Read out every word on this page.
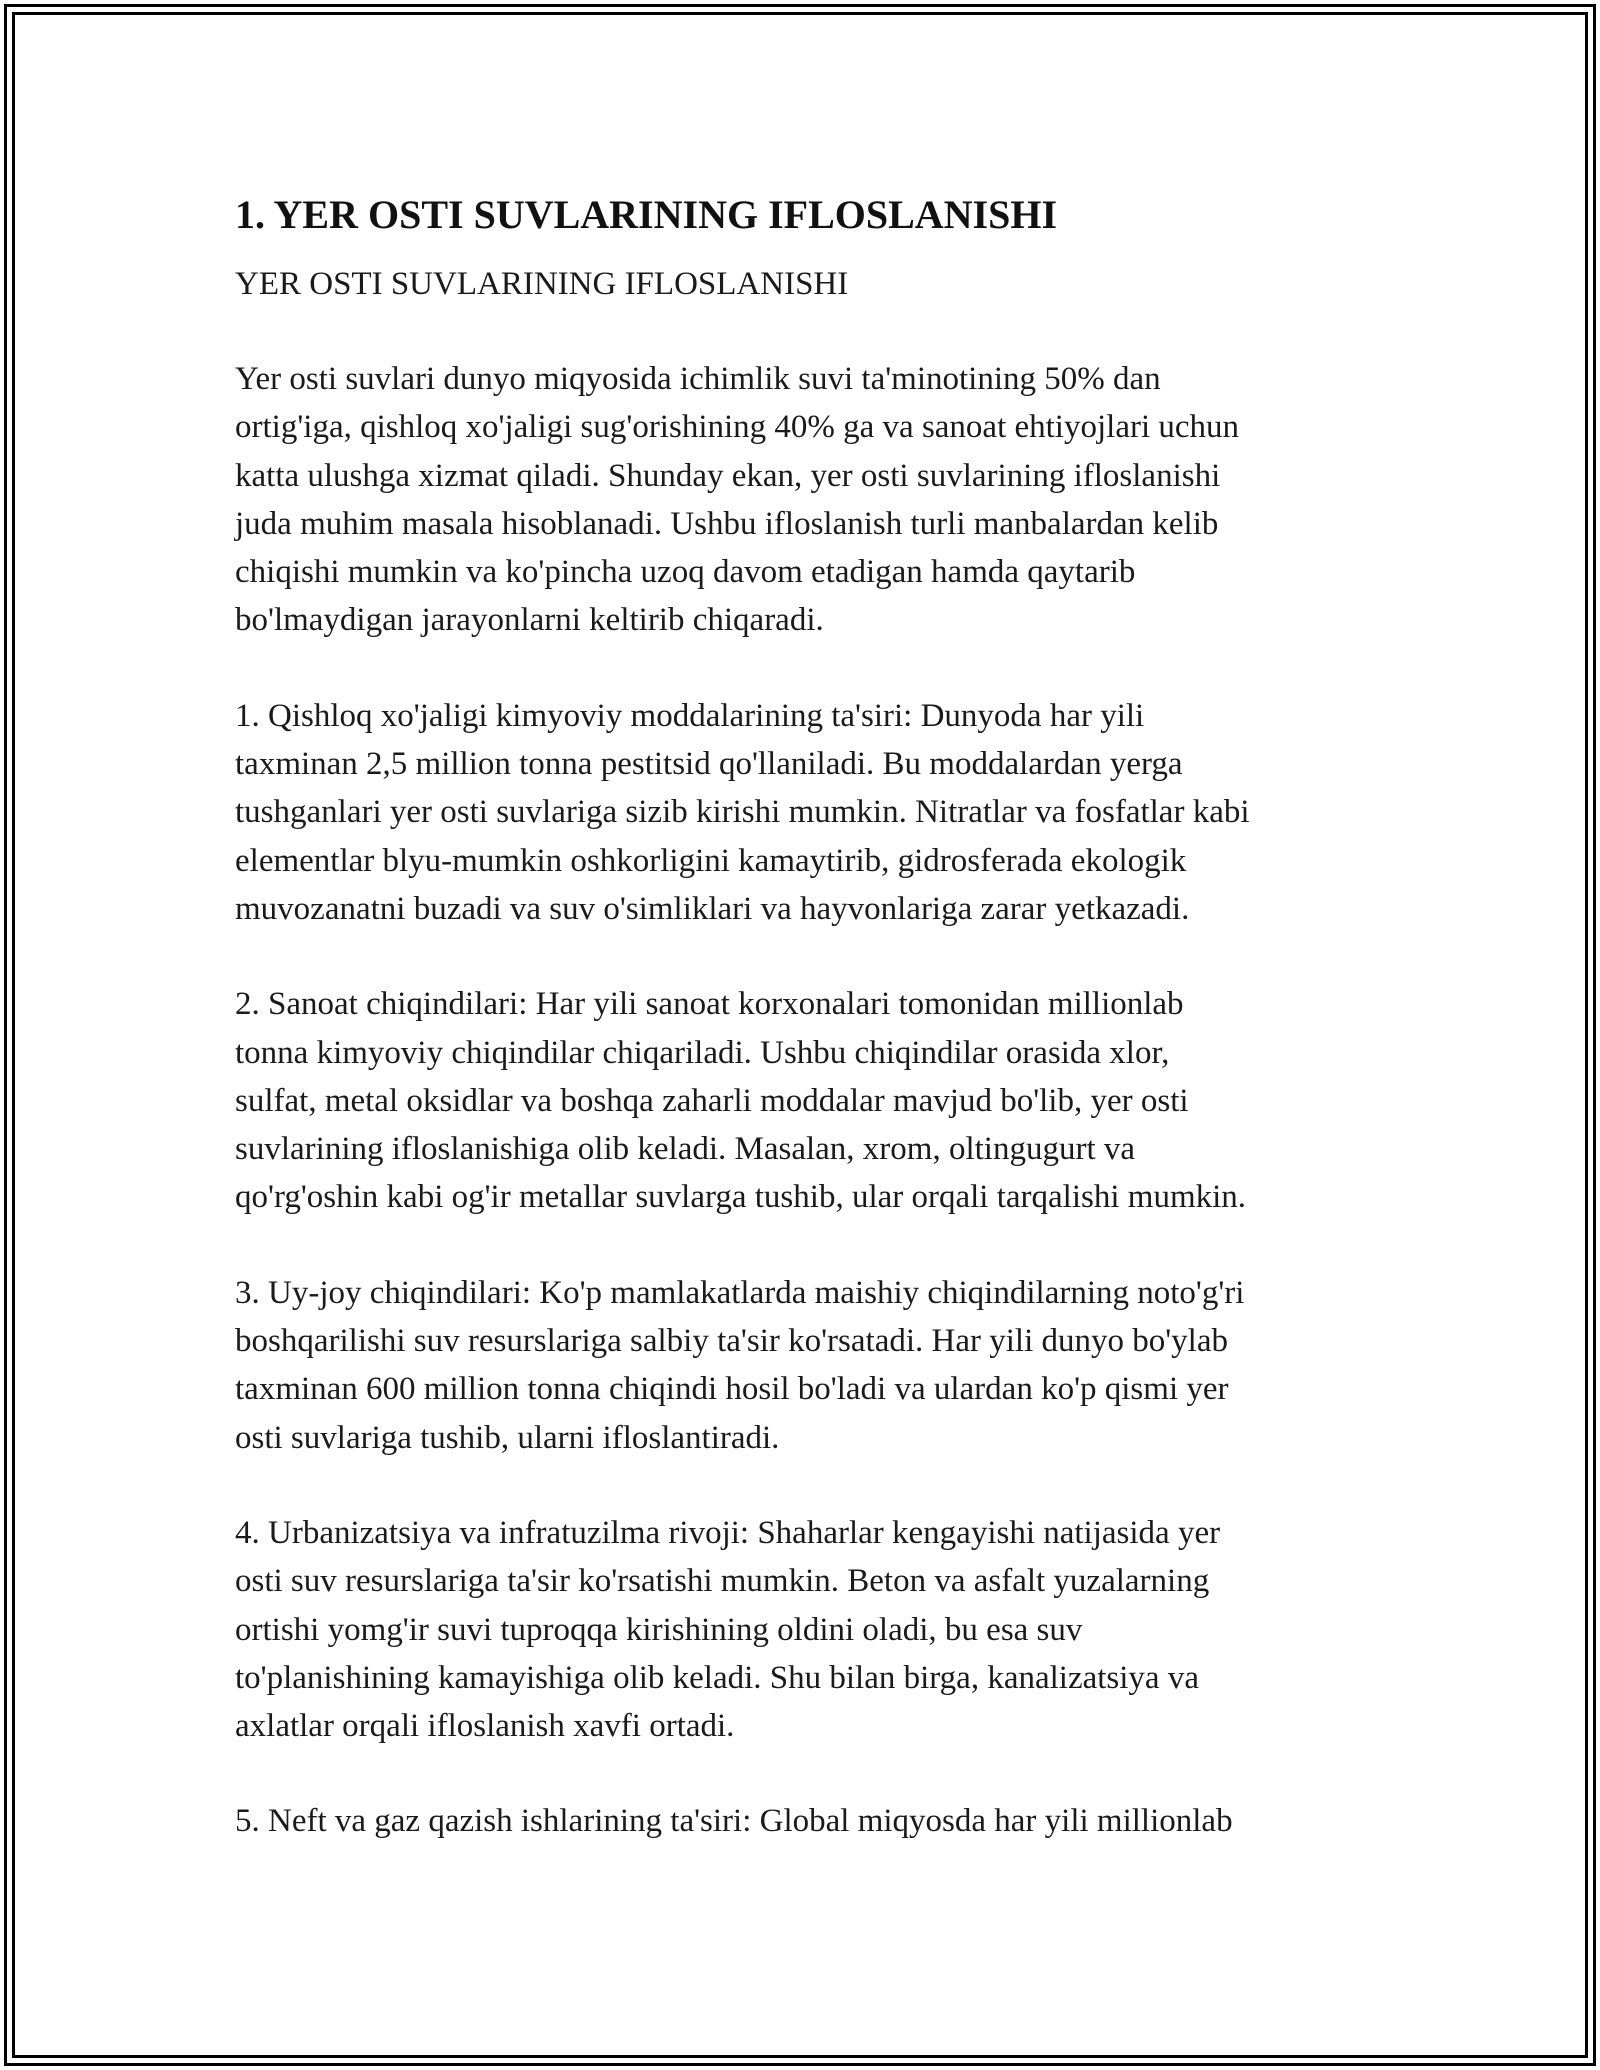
1. YER OSTI SUVLARINING IFLOSLANISHI

YER OSTI SUVLARINING IFLOSLANISHI

Yer osti suvlari dunyo miqyosida ichimlik suvi ta'minotining 50% dan
ortig'iga, qishloq xo'jaligi sug'orishining 40% ga va sanoat ehtiyojlari uchun
katta ulushga xizmat qiladi. Shunday ekan, yer osti suvlarining ifloslanishi
juda muhim masala hisoblanadi. Ushbu ifloslanish turli manbalardan kelib
chiqishi mumkin va ko'pincha uzoq davom etadigan hamda qaytarib
bo'lmaydigan jarayonlarni keltirib chiqaradi.

1. Qishloq xo'jaligi kimyoviy moddalarining ta'siri: Dunyoda har yili
taxminan 2,5 million tonna pestitsid qo'llaniladi. Bu moddalardan yerga
tushganlari yer osti suvlariga sizib kirishi mumkin. Nitratlar va fosfatlar kabi
elementlar blyu-mumkin oshkorligini kamaytirib, gidrosferada ekologik
muvozanatni buzadi va suv o'simliklari va hayvonlariga zarar yetkazadi.

2. Sanoat chiqindilari: Har yili sanoat korxonalari tomonidan millionlab
tonna kimyoviy chiqindilar chiqariladi. Ushbu chiqindilar orasida xlor,
sulfat, metal oksidlar va boshqa zaharli moddalar mavjud bo'lib, yer osti
suvlarining ifloslanishiga olib keladi. Masalan, xrom, oltingugurt va
qo'rg'oshin kabi og'ir metallar suvlarga tushib, ular orqali tarqalishi mumkin.

3. Uy-joy chiqindilari: Ko'p mamlakatlarda maishiy chiqindilarning noto'g'ri
boshqarilishi suv resurslariga salbiy ta'sir ko'rsatadi. Har yili dunyo bo'ylab
taxminan 600 million tonna chiqindi hosil bo'ladi va ulardan ko'p qismi yer
osti suvlariga tushib, ularni ifloslantiradi.

4. Urbanizatsiya va infratuzilma rivoji: Shaharlar kengayishi natijasida yer
osti suv resurslariga ta'sir ko'rsatishi mumkin. Beton va asfalt yuzalarning
ortishi yomg'ir suvi tuproqqa kirishining oldini oladi, bu esa suv
to'planishining kamayishiga olib keladi. Shu bilan birga, kanalizatsiya va
axlatlar orqali ifloslanish xavfi ortadi.

5. Neft va gaz qazish ishlarining ta'siri: Global miqyosda har yili millionlab
